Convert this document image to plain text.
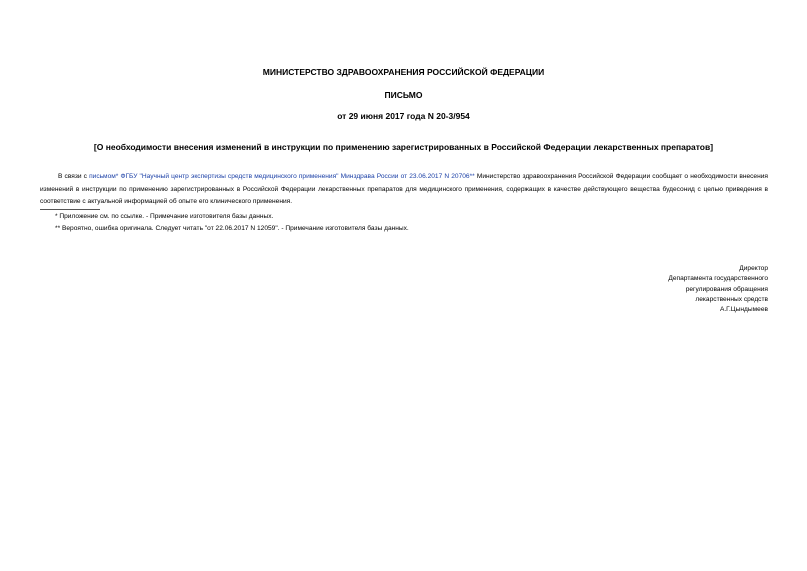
МИНИСТЕРСТВО ЗДРАВООХРАНЕНИЯ РОССИЙСКОЙ ФЕДЕРАЦИИ
ПИСЬМО
от 29 июня 2017 года N 20-3/954
[О необходимости внесения изменений в инструкции по применению зарегистрированных в Российской Федерации лекарственных препаратов]
В связи с письмом* ФГБУ "Научный центр экспертизы средств медицинского применения" Минздрава России от 23.06.2017 N 20706** Министерство здравоохранения Российской Федерации сообщает о необходимости внесения изменений в инструкции по применению зарегистрированных в Российской Федерации лекарственных препаратов для медицинского применения, содержащих в качестве действующего вещества будесонид с целью приведения в соответствие с актуальной информацией об опыте его клинического применения.
* Приложение см. по ссылке. - Примечание изготовителя базы данных.
** Вероятно, ошибка оригинала. Следует читать "от 22.06.2017 N 12059". - Примечание изготовителя базы данных.
Директор
Департамента государственного
регулирования обращения
лекарственных средств
А.Г.Цындымеев
